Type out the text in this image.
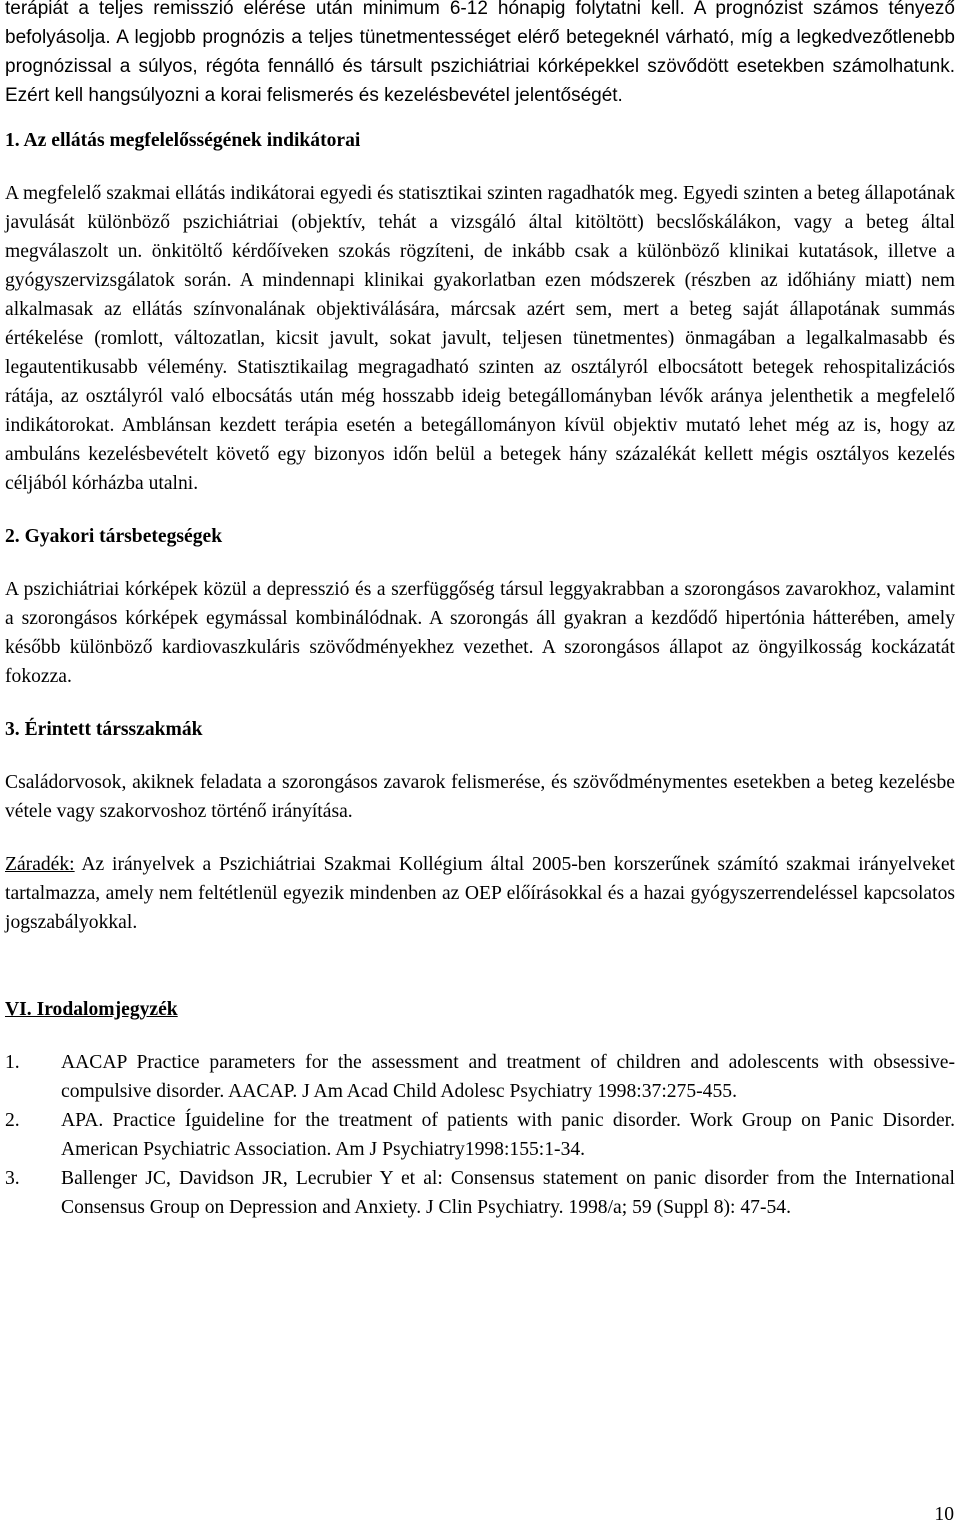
terápiát a teljes remisszió elérése után minimum 6-12 hónapig folytatni kell. A prognózist számos tényező befolyásolja. A legjobb prognózis a teljes tünetmentességet elérő betegeknél várható, míg a legkedvezőtlenebb prognózissal a súlyos, régóta fennálló és társult pszichiátriai kórképekkel szövődött esetekben számolhatunk. Ezért kell hangsúlyozni a korai felismerés és kezelésbevétel jelentőségét.

1. Az ellátás megfelelősségének indikátorai

A megfelelő szakmai ellátás indikátorai egyedi és statisztikai szinten ragadhatók meg. Egyedi szinten a beteg állapotának javulását különböző pszichiátriai (objektív, tehát a vizsgáló által kitöltött) becslőskálákon, vagy a beteg által megválaszolt un. önkitöltő kérdőíveken szokás rögzíteni, de inkább csak a különböző klinikai kutatások, illetve a gyógyszervizsgálatok során. A mindennapi klinikai gyakorlatban ezen módszerek (részben az időhiány miatt) nem alkalmasak az ellátás színvonalának objektiválására, márcsak azért sem, mert a beteg saját állapotának summás értékelése (romlott, változatlan, kicsit javult, sokat javult, teljesen tünetmentes) önmagában a legalkalmasabb és legautentikusabb vélemény. Statisztikailag megragadható szinten az osztályról elbocsátott betegek rehospitalizációs rátája, az osztályról való elbocsátás után még hosszabb ideig betegállományban lévők aránya jelenthetik a megfelelő indikátorokat. Amblánsan kezdett terápia esetén a betegállományon kívül objektiv mutató lehet még az is, hogy az ambuláns kezelésbevételt követő egy bizonyos időn belül a betegek hány százalékát kellett mégis osztályos kezelés céljából kórházba utalni.

2. Gyakori társbetegségek

A pszichiátriai kórképek közül a depresszió és a szerfüggőség társul leggyakrabban a szorongásos zavarokhoz, valamint a szorongásos kórképek egymással kombinálódnak. A szorongás áll gyakran a kezdődő hipertónia hátterében, amely később különböző kardiovaszkuláris szövődményekhez vezethet. A szorongásos állapot az öngyilkosság kockázatát fokozza.

3. Érintett társszakmák

Családorvosok, akiknek feladata a szorongásos zavarok felismerése, és szövődménymentes esetekben a beteg kezelésbe vétele vagy szakorvoshoz történő irányítása.

Záradék: Az irányelvek a Pszichiátriai Szakmai Kollégium által 2005-ben korszerűnek számító szakmai irányelveket tartalmazza, amely nem feltétlenül egyezik mindenben az OEP előírásokkal és a hazai gyógyszerrendeléssel kapcsolatos jogszabályokkal.

VI. Irodalomjegyzék
1.	AACAP Practice parameters for the assessment and treatment of children and adolescents with obsessive-compulsive disorder. AACAP. J Am Acad Child Adolesc Psychiatry 1998:37:275-455.
2.	APA. Practice Íguideline for the treatment of patients with panic disorder. Work Group on Panic Disorder. American Psychiatric Association. Am J Psychiatry1998:155:1-34.
3.	Ballenger JC, Davidson JR, Lecrubier Y et al: Consensus statement on panic disorder from the International Consensus Group on Depression and Anxiety. J Clin Psychiatry. 1998/a; 59 (Suppl 8): 47-54.
10
